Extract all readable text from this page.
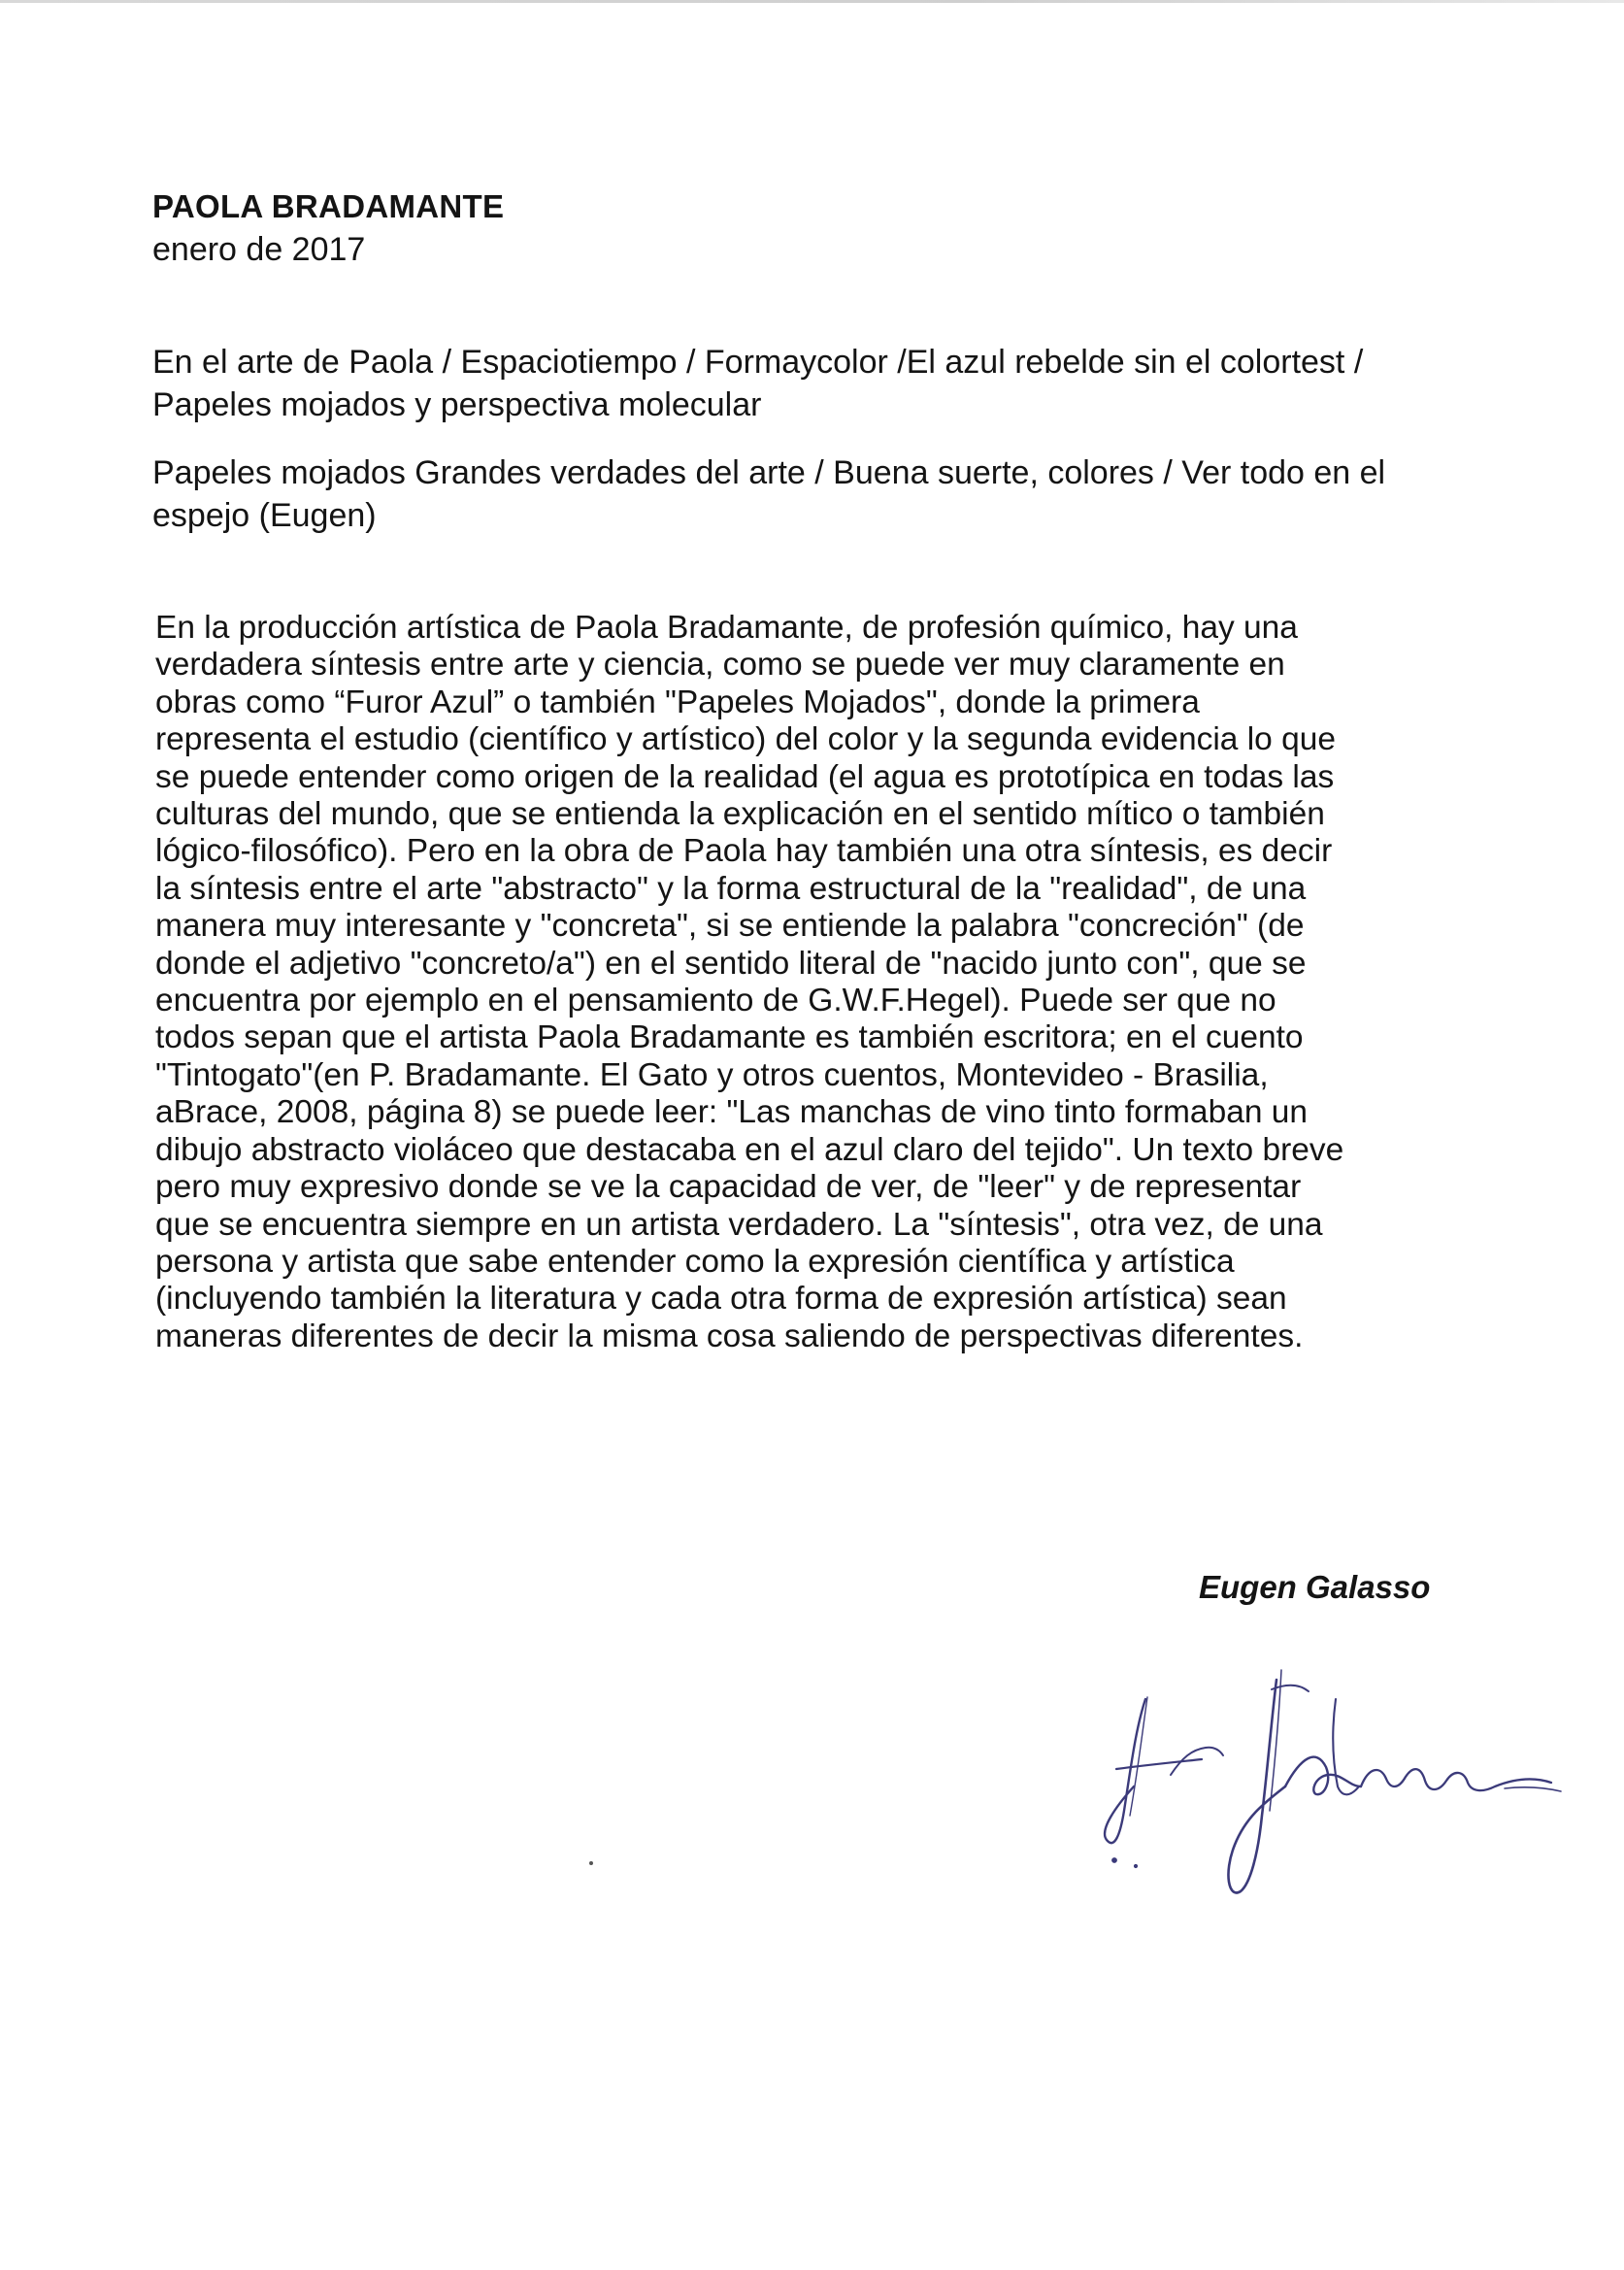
PAOLA BRADAMANTE
enero de 2017

En el arte de Paola / Espaciotiempo / Formaycolor /El azul rebelde sin el colortest / Papeles mojados y perspectiva molecular

Papeles mojados Grandes verdades del arte / Buena suerte, colores / Ver todo en el espejo (Eugen)

En la producción artística de Paola Bradamante, de profesión químico, hay una
verdadera síntesis entre arte y ciencia, como se puede ver muy claramente en
obras como “Furor Azul” o también "Papeles Mojados", donde la primera
representa el estudio (científico y artístico) del color y la segunda evidencia lo que
se puede entender como origen de la realidad (el agua es prototípica en todas las
culturas del mundo, que se entienda la explicación en el sentido mítico o también
lógico-filosófico). Pero en la obra de Paola hay también una otra síntesis, es decir
la síntesis entre el arte "abstracto" y la forma estructural de la "realidad", de una
manera muy interesante y "concreta", si se entiende la palabra "concreción" (de
donde el adjetivo "concreto/a") en el sentido literal de "nacido junto con", que se
encuentra por ejemplo en el pensamiento de G.W.F.Hegel). Puede ser que no
todos sepan que el artista Paola Bradamante es también escritora; en el cuento
"Tintogato"(en P. Bradamante. El Gato y otros cuentos, Montevideo - Brasilia,
aBrace, 2008, página 8) se puede leer: "Las manchas de vino tinto formaban un
dibujo abstracto violáceo que destacaba en el azul claro del tejido". Un texto breve
pero muy expresivo donde se ve la capacidad de ver, de "leer" y de representar
que se encuentra siempre en un artista verdadero. La "síntesis", otra vez, de una
persona y artista que sabe entender como la expresión científica y artística
(incluyendo también la literatura y cada otra forma de expresión artística) sean
maneras diferentes de decir la misma cosa saliendo de perspectivas diferentes.
Eugen Galasso
